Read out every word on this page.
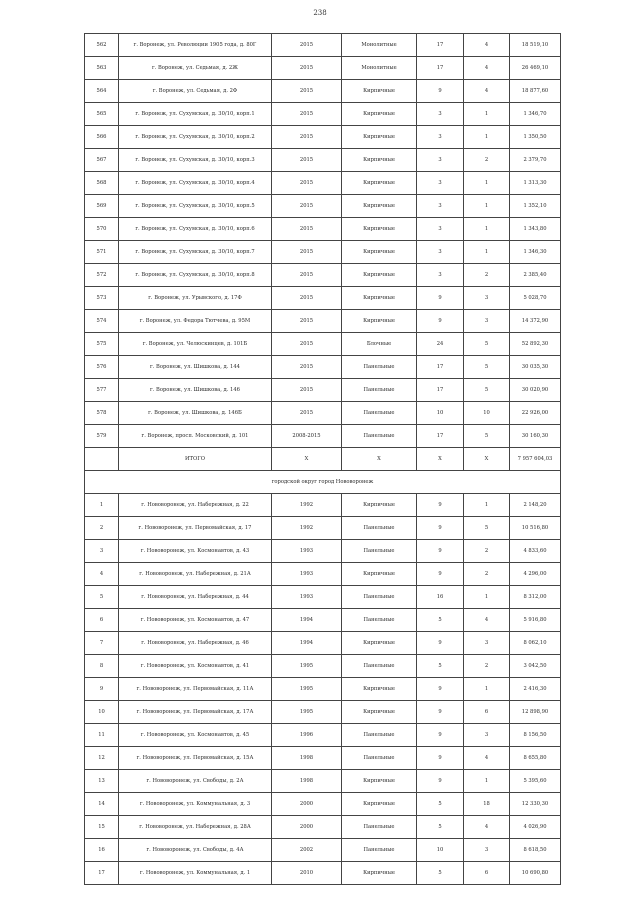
238
562	г. Воронеж, ул. Революции 1905 года, д. 80Г	2015	Монолитные	17	4	18 519,10
563	г. Воронеж, ул. Седьмая, д. 2Ж	2015	Монолитные	17	4	26 469,10
564	г. Воронеж, ул. Седьмая, д. 2Ф	2015	Кирпичные	9	4	18 877,60
565	г. Воронеж, ул. Сухумская, д. 30/10, корп.1	2015	Кирпичные	3	1	1 346,70
566	г. Воронеж, ул. Сухумская, д. 30/10, корп.2	2015	Кирпичные	3	1	1 350,50
567	г. Воронеж, ул. Сухумская, д. 30/10, корп.3	2015	Кирпичные	3	2	2 379,70
568	г. Воронеж, ул. Сухумская, д. 30/10, корп.4	2015	Кирпичные	3	1	1 313,30
569	г. Воронеж, ул. Сухумская, д. 30/10, корп.5	2015	Кирпичные	3	1	1 352,10
570	г. Воронеж, ул. Сухумская, д. 30/10, корп.6	2015	Кирпичные	3	1	1 343,80
571	г. Воронеж, ул. Сухумская, д. 30/10, корп.7	2015	Кирпичные	3	1	1 346,30
572	г. Воронеж, ул. Сухумская, д. 30/10, корп.8	2015	Кирпичные	3	2	2 385,40
573	г. Воронеж, ул. Урывского, д. 17Ф	2015	Кирпичные	9	3	5 028,70
574	г. Воронеж, ул. Федора Тютчева, д. 95М	2015	Кирпичные	9	3	14 372,90
575	г. Воронеж, ул. Челюскинцев, д. 101Б	2015	Блочные	24	5	52 892,30
576	г. Воронеж, ул. Шишкова, д. 144	2015	Панельные	17	5	30 035,30
577	г. Воронеж, ул. Шишкова, д. 146	2015	Панельные	17	5	30 020,90
578	г. Воронеж, ул. Шишкова, д. 146Б	2015	Панельные	10	10	22 926,00
579	г. Воронеж, просп. Московский, д. 101	2008-2015	Панельные	17	5	30 160,30
	ИТОГО	X	X	X	X	7 957 604,03
городской округ город Нововоронеж						
1	г. Нововоронеж, ул. Набережная, д. 22	1992	Кирпичные	9	1	2 148,20
2	г. Нововоронеж, ул. Первомайская, д. 17	1992	Панельные	9	5	10 516,80
3	г. Нововоронеж, ул. Космонавтов, д. 43	1993	Панельные	9	2	4 833,60
4	г. Нововоронеж, ул. Набережная, д. 21А	1993	Кирпичные	9	2	4 296,00
5	г. Нововоронеж, ул. Набережная, д. 44	1993	Панельные	16	1	8 312,00
6	г. Нововоронеж, ул. Космонавтов, д. 47	1994	Панельные	5	4	5 916,80
7	г. Нововоронеж, ул. Набережная, д. 46	1994	Кирпичные	9	3	8 062,10
8	г. Нововоронеж, ул. Космонавтов, д. 41	1995	Панельные	5	2	3 042,50
9	г. Нововоронеж, ул. Первомайская, д. 11А	1995	Кирпичные	9	1	2 416,30
10	г. Нововоронеж, ул. Первомайская, д. 17А	1995	Кирпичные	9	6	12 898,90
11	г. Нововоронеж, ул. Космонавтов, д. 45	1996	Панельные	9	3	8 156,50
12	г. Нововоронеж, ул. Первомайская, д. 15А	1998	Панельные	9	4	8 655,80
13	г. Нововоронеж, ул. Свободы, д. 2А	1998	Кирпичные	9	1	5 395,60
14	г. Нововоронеж, ул. Коммунальная, д. 3	2000	Кирпичные	5	18	12 330,30
15	г. Нововоронеж, ул. Набережная, д. 28А	2000	Панельные	5	4	4 026,90
16	г. Нововоронеж, ул. Свободы, д. 4А	2002	Панельные	10	3	8 618,50
17	г. Нововоронеж, ул. Коммунальная, д. 1	2010	Кирпичные	5	6	10 690,80
